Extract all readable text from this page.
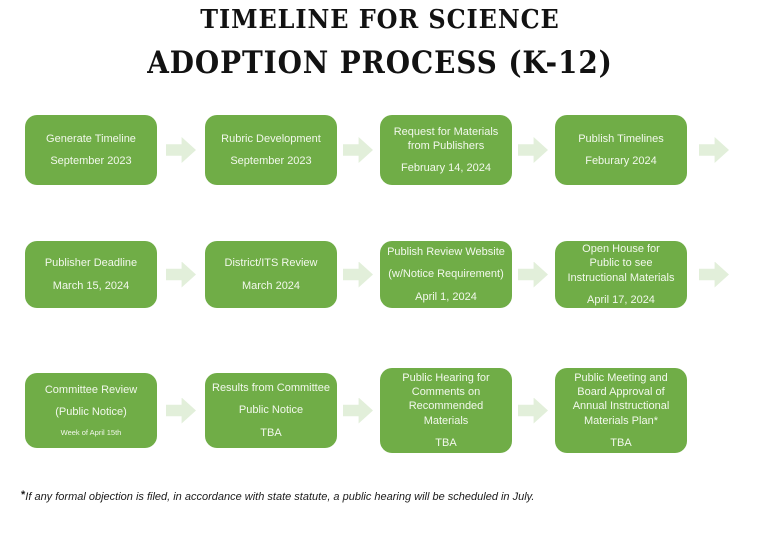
TIMELINE FOR SCIENCE
ADOPTION PROCESS (K-12)

Generate Timeline

September 2023

Rubric Development

September 2023

Request for Materials from Publishers

February 14, 2024

Publish Timelines

Feburary 2024

Publisher Deadline

March 15, 2024

District/ITS Review

March 2024

Publish Review Website

(w/Notice Requirement)

April 1, 2024

Open House for Public to see Instructional Materials

April 17, 2024

Committee Review

(Public Notice)

Week of April 15th

Results from Committee

Public Notice

TBA

Public Hearing for Comments on Recommended Materials

TBA

Public Meeting and Board Approval of Annual Instructional Materials Plan*

TBA

*If any formal objection is filed, in accordance with state statute, a public hearing will be scheduled in July.
